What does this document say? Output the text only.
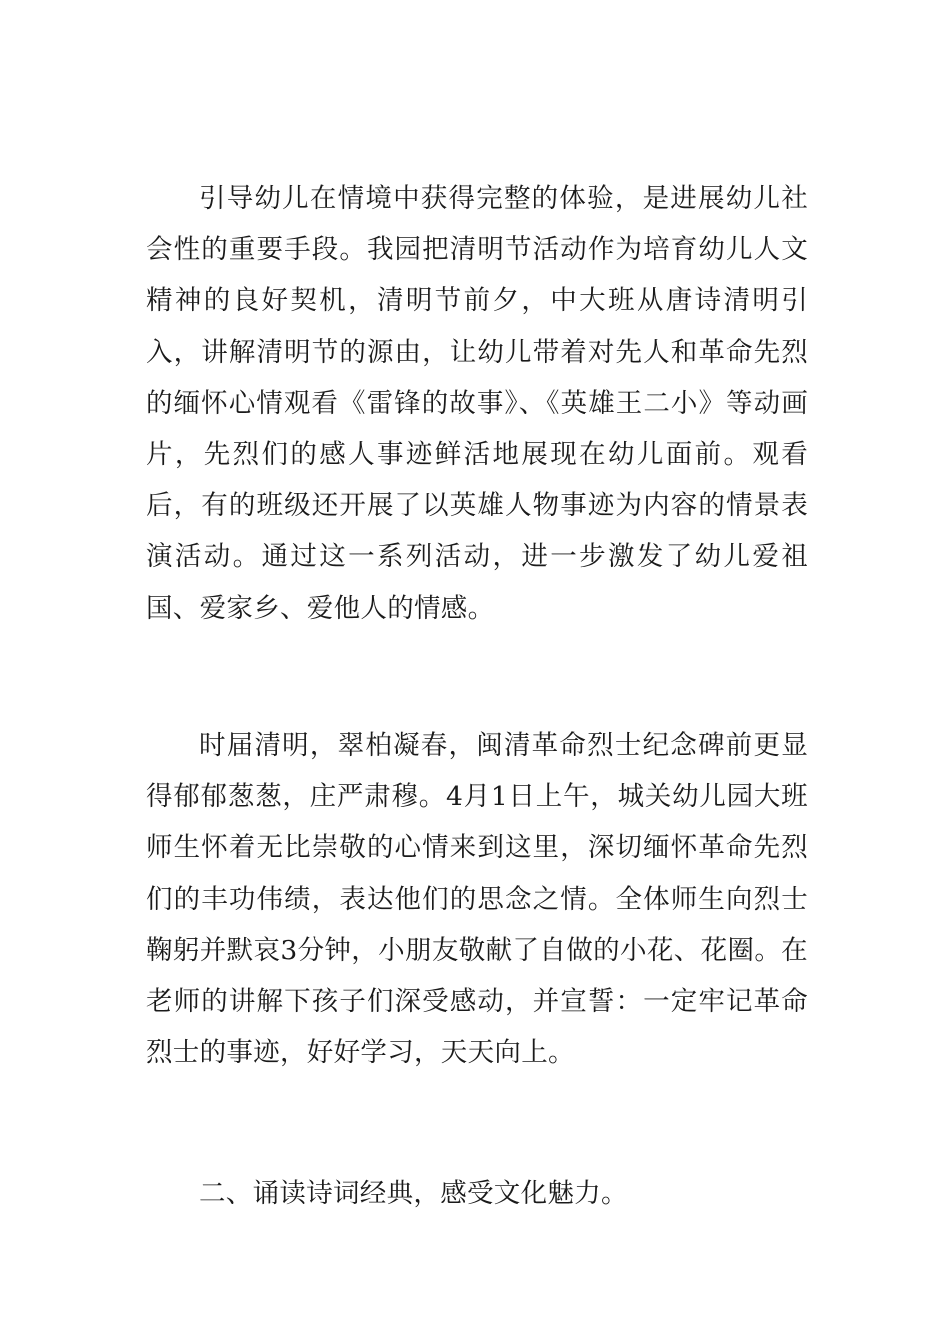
引导幼儿在情境中获得完整的体验，是进展幼儿社会性的重要手段。我园把清明节活动作为培育幼儿人文精神的良好契机，清明节前夕，中大班从唐诗清明引入，讲解清明节的源由，让幼儿带着对先人和革命先烈的缅怀心情观看《雷锋的故事》、《英雄王二小》等动画片，先烈们的感人事迹鲜活地展现在幼儿面前。观看后，有的班级还开展了以英雄人物事迹为内容的情景表演活动。通过这一系列活动，进一步激发了幼儿爱祖国、爱家乡、爱他人的情感。

时届清明，翠柏凝春，闽清革命烈士纪念碑前更显得郁郁葱葱，庄严肃穆。4月1日上午，城关幼儿园大班师生怀着无比崇敬的心情来到这里，深切缅怀革命先烈们的丰功伟绩，表达他们的思念之情。全体师生向烈士鞠躬并默哀3分钟，小朋友敬献了自做的小花、花圈。在老师的讲解下孩子们深受感动，并宣誓：一定牢记革命烈士的事迹，好好学习，天天向上。

二、诵读诗词经典，感受文化魅力。
